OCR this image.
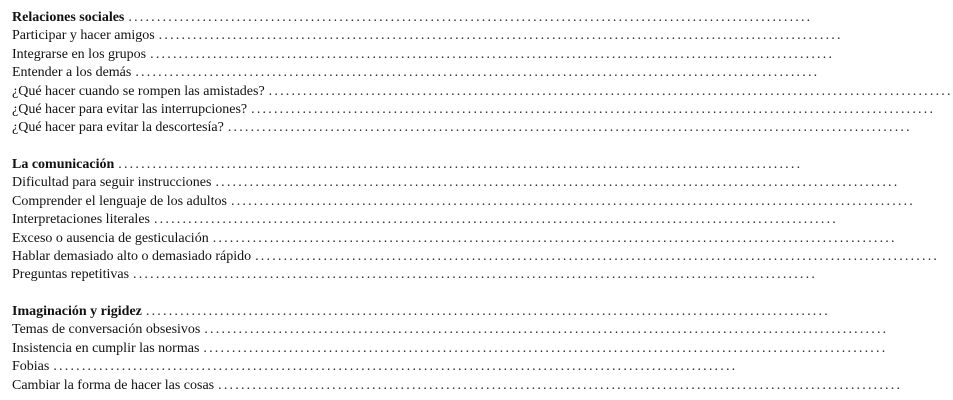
Relaciones sociales ........................................................................................................................
Participar y hacer amigos ........................................................................................................................
Integrarse en los grupos ........................................................................................................................
Entender a los demás ........................................................................................................................
¿Qué hacer cuando se rompen las amistades? ........................................................................................................................
¿Qué hacer para evitar las interrupciones? ........................................................................................................................
¿Qué hacer para evitar la descortesía? ........................................................................................................................
La comunicación ........................................................................................................................
Dificultad para seguir instrucciones ........................................................................................................................
Comprender el lenguaje de los adultos ........................................................................................................................
Interpretaciones literales ........................................................................................................................
Exceso o ausencia de gesticulación ........................................................................................................................
Hablar demasiado alto o demasiado rápido ........................................................................................................................
Preguntas repetitivas ........................................................................................................................
Imaginación y rigidez ........................................................................................................................
Temas de conversación obsesivos ........................................................................................................................
Insistencia en cumplir las normas ........................................................................................................................
Fobias ........................................................................................................................
Cambiar la forma de hacer las cosas ........................................................................................................................
